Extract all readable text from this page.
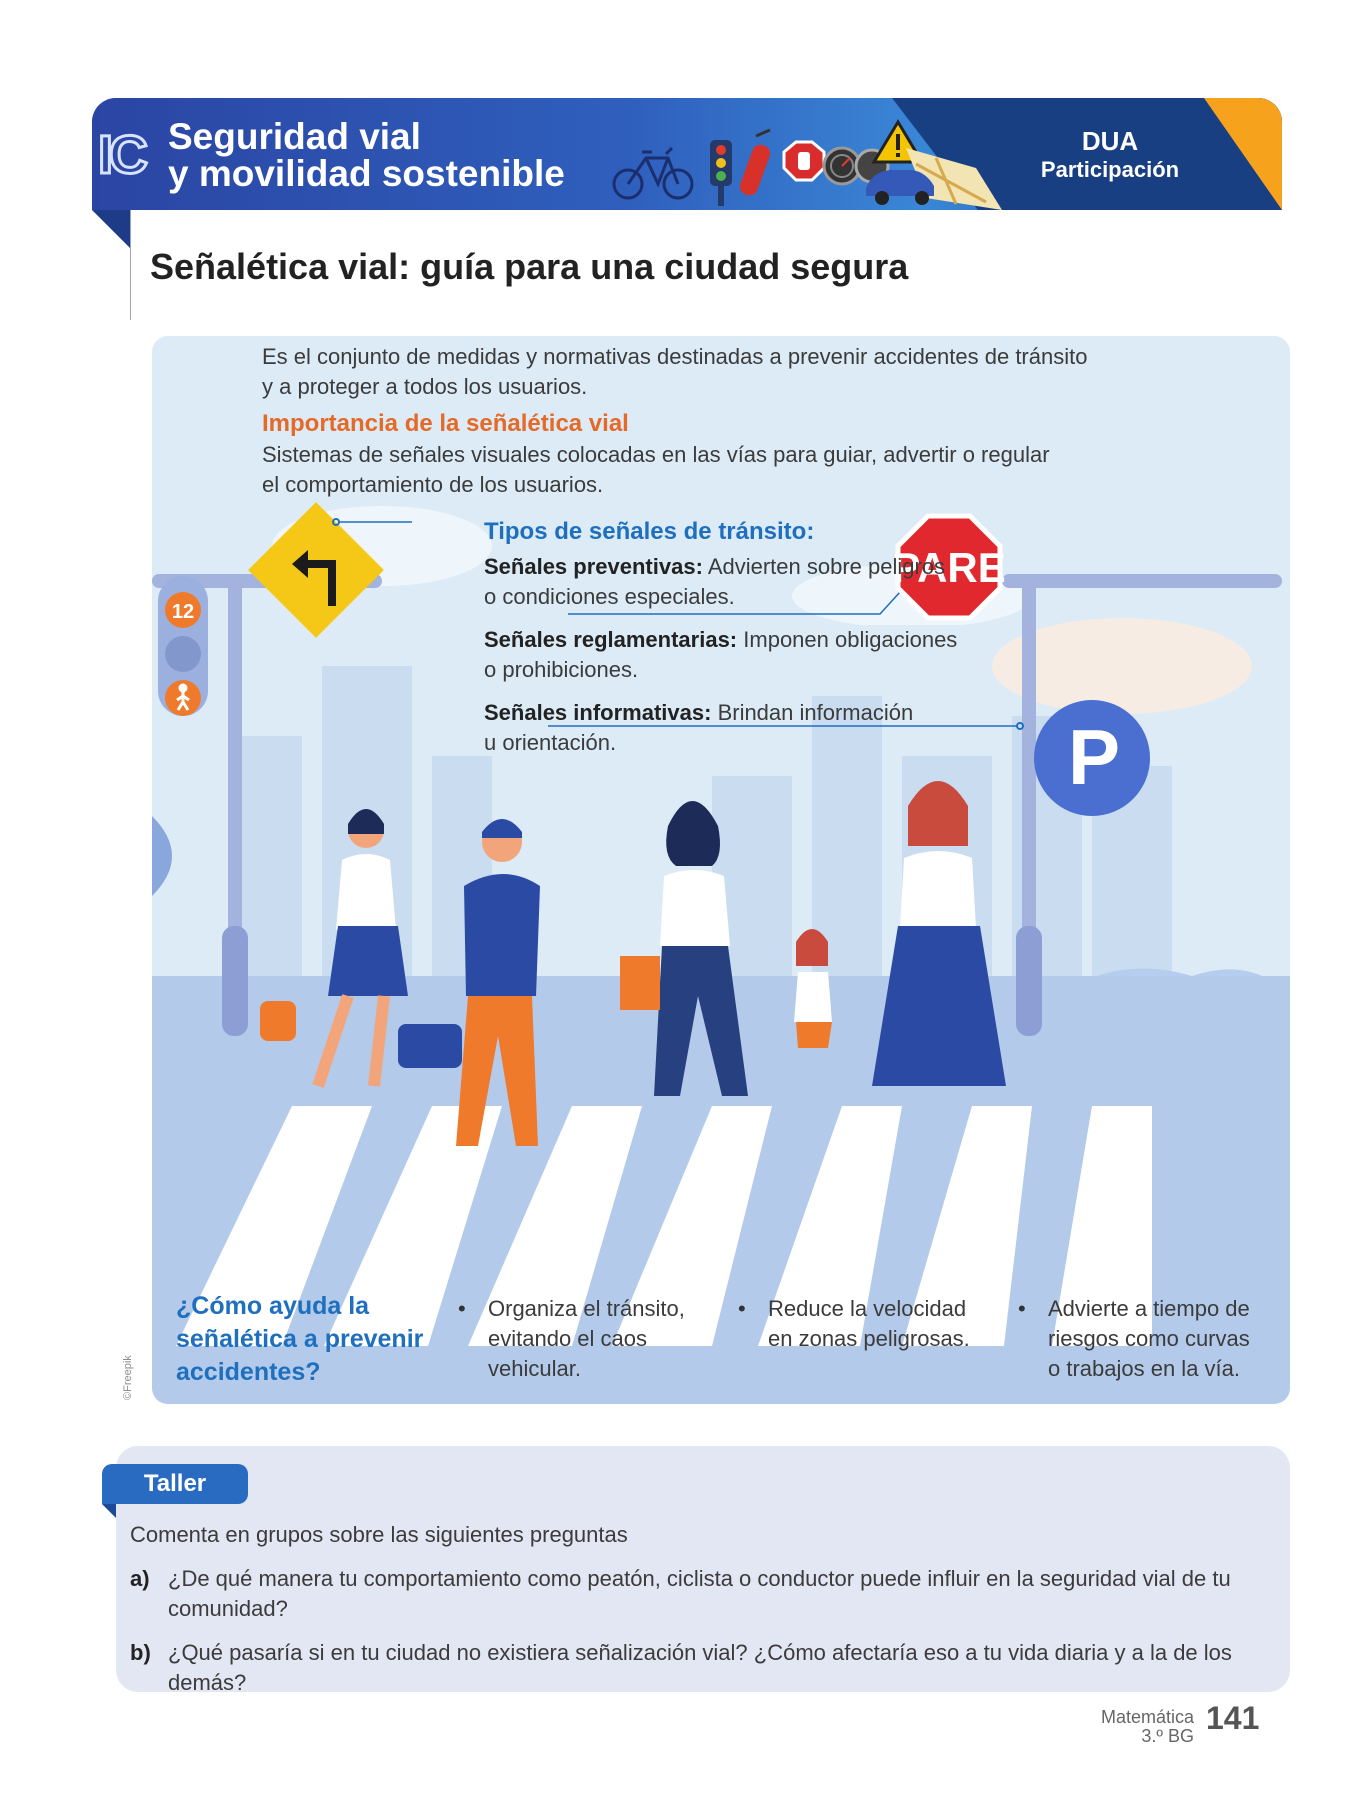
IC Seguridad vial
y movilidad sostenible
DUA
Participación
Señalética vial: guía para una ciudad segura
12
PARE
P
Es el conjunto de medidas y normativas destinadas a prevenir accidentes de tránsito
y a proteger a todos los usuarios.
Importancia de la señalética vial
Sistemas de señales visuales colocadas en las vías para guiar, advertir o regular
el comportamiento de los usuarios.
Tipos de señales de tránsito:
Señales preventivas: Advierten sobre peligros
o condiciones especiales.
Señales reglamentarias: Imponen obligaciones
o prohibiciones.
Señales informativas: Brindan información
u orientación.
¿Cómo ayuda la señalética a prevenir accidentes?
• Organiza el tránsito,
evitando el caos
vehicular.
• Reduce la velocidad
en zonas peligrosas.
• Advierte a tiempo de
riesgos como curvas
o trabajos en la vía.
©Freepik
Taller
Comenta en grupos sobre las siguientes preguntas
a) ¿De qué manera tu comportamiento como peatón, ciclista o conductor puede influir en la seguridad vial de tu comunidad?
b) ¿Qué pasaría si en tu ciudad no existiera señalización vial? ¿Cómo afectaría eso a tu vida diaria y a la de los demás?
Matemática
3.º BG 141
